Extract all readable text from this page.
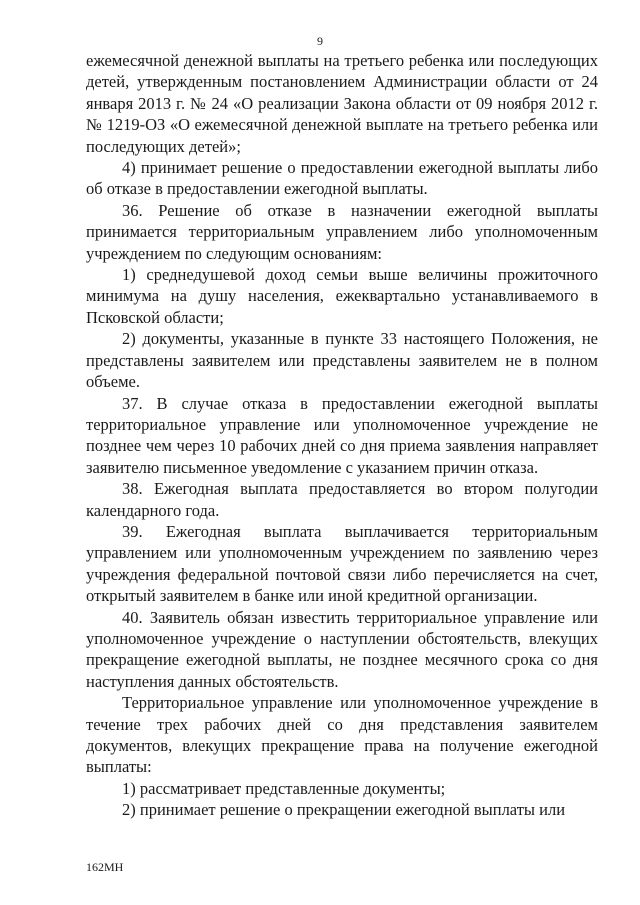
9

ежемесячной денежной выплаты на третьего ребенка или последующих детей, утвержденным постановлением Администрации области от 24 января 2013 г. № 24 «О реализации Закона области от 09 ноября 2012 г. № 1219-ОЗ «О ежемесячной денежной выплате на третьего ребенка или последующих детей»;

4) принимает решение о предоставлении ежегодной выплаты либо об отказе в предоставлении ежегодной выплаты.

36. Решение об отказе в назначении ежегодной выплаты принимается территориальным управлением либо уполномоченным учреждением по следующим основаниям:

1) среднедушевой доход семьи выше величины прожиточного минимума на душу населения, ежеквартально устанавливаемого в Псковской области;

2) документы, указанные в пункте 33 настоящего Положения, не представлены заявителем или представлены заявителем не в полном объеме.

37. В случае отказа в предоставлении ежегодной выплаты территориальное управление или уполномоченное учреждение не позднее чем через 10 рабочих дней со дня приема заявления направляет заявителю письменное уведомление с указанием причин отказа.

38. Ежегодная выплата предоставляется во втором полугодии календарного года.

39. Ежегодная выплата выплачивается территориальным управлением или уполномоченным учреждением по заявлению через учреждения федеральной почтовой связи либо перечисляется на счет, открытый заявителем в банке или иной кредитной организации.

40. Заявитель обязан известить территориальное управление или уполномоченное учреждение о наступлении обстоятельств, влекущих прекращение ежегодной выплаты, не позднее месячного срока со дня наступления данных обстоятельств.

Территориальное управление или уполномоченное учреждение в течение трех рабочих дней со дня представления заявителем документов, влекущих прекращение права на получение ежегодной выплаты:

1) рассматривает представленные документы;

2) принимает решение о прекращении ежегодной выплаты или

162МН
